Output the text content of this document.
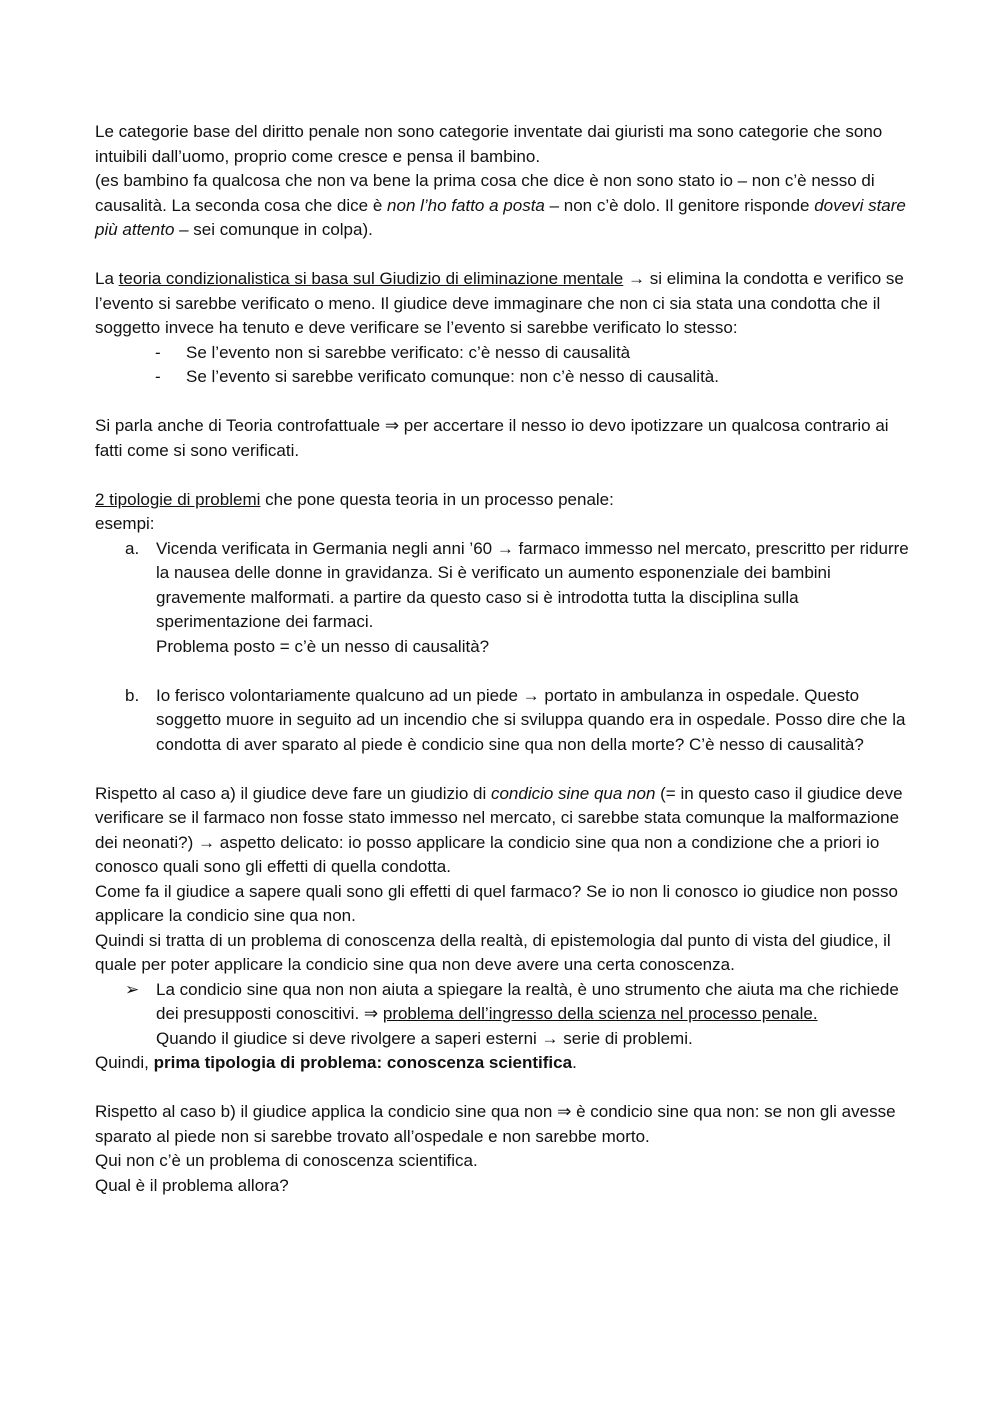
Le categorie base del diritto penale non sono categorie inventate dai giuristi ma sono categorie che sono intuibili dall’uomo, proprio come cresce e pensa il bambino.

(es bambino fa qualcosa che non va bene la prima cosa che dice è non sono stato io – non c’è nesso di causalità. La seconda cosa che dice è non l’ho fatto a posta – non c’è dolo. Il genitore risponde dovevi stare più attento – sei comunque in colpa).

La teoria condizionalistica si basa sul Giudizio di eliminazione mentale → si elimina la condotta e verifico se l’evento si sarebbe verificato o meno. Il giudice deve immaginare che non ci sia stata una condotta che il soggetto invece ha tenuto e deve verificare se l’evento si sarebbe verificato lo stesso:

- Se l’evento non si sarebbe verificato: c’è nesso di causalità
- Se l’evento si sarebbe verificato comunque: non c’è nesso di causalità.

Si parla anche di Teoria controfattuale ⇒ per accertare il nesso io devo ipotizzare un qualcosa contrario ai fatti come si sono verificati.

2 tipologie di problemi che pone questa teoria in un processo penale:

esempi:

a. Vicenda verificata in Germania negli anni ’60 → farmaco immesso nel mercato, prescritto per ridurre la nausea delle donne in gravidanza. Si è verificato un aumento esponenziale dei bambini gravemente malformati. a partire da questo caso si è introdotta tutta la disciplina sulla sperimentazione dei farmaci.
Problema posto = c’è un nesso di causalità?
b. Io ferisco volontariamente qualcuno ad un piede → portato in ambulanza in ospedale. Questo soggetto muore in seguito ad un incendio che si sviluppa quando era in ospedale. Posso dire che la condotta di aver sparato al piede è condicio sine qua non della morte? C’è nesso di causalità?

Rispetto al caso a) il giudice deve fare un giudizio di condicio sine qua non (= in questo caso il giudice deve verificare se il farmaco non fosse stato immesso nel mercato, ci sarebbe stata comunque la malformazione dei neonati?) → aspetto delicato: io posso applicare la condicio sine qua non a condizione che a priori io conosco quali sono gli effetti di quella condotta.

Come fa il giudice a sapere quali sono gli effetti di quel farmaco? Se io non li conosco io giudice non posso applicare la condicio sine qua non.

Quindi si tratta di un problema di conoscenza della realtà, di epistemologia dal punto di vista del giudice, il quale per poter applicare la condicio sine qua non deve avere una certa conoscenza.

➢ La condicio sine qua non non aiuta a spiegare la realtà, è uno strumento che aiuta ma che richiede dei presupposti conoscitivi. ⇒ problema dell’ingresso della scienza nel processo penale.
Quando il giudice si deve rivolgere a saperi esterni → serie di problemi.

Quindi, prima tipologia di problema: conoscenza scientifica.

Rispetto al caso b) il giudice applica la condicio sine qua non ⇒ è condicio sine qua non: se non gli avesse sparato al piede non si sarebbe trovato all’ospedale e non sarebbe morto.

Qui non c’è un problema di conoscenza scientifica.

Qual è il problema allora?
